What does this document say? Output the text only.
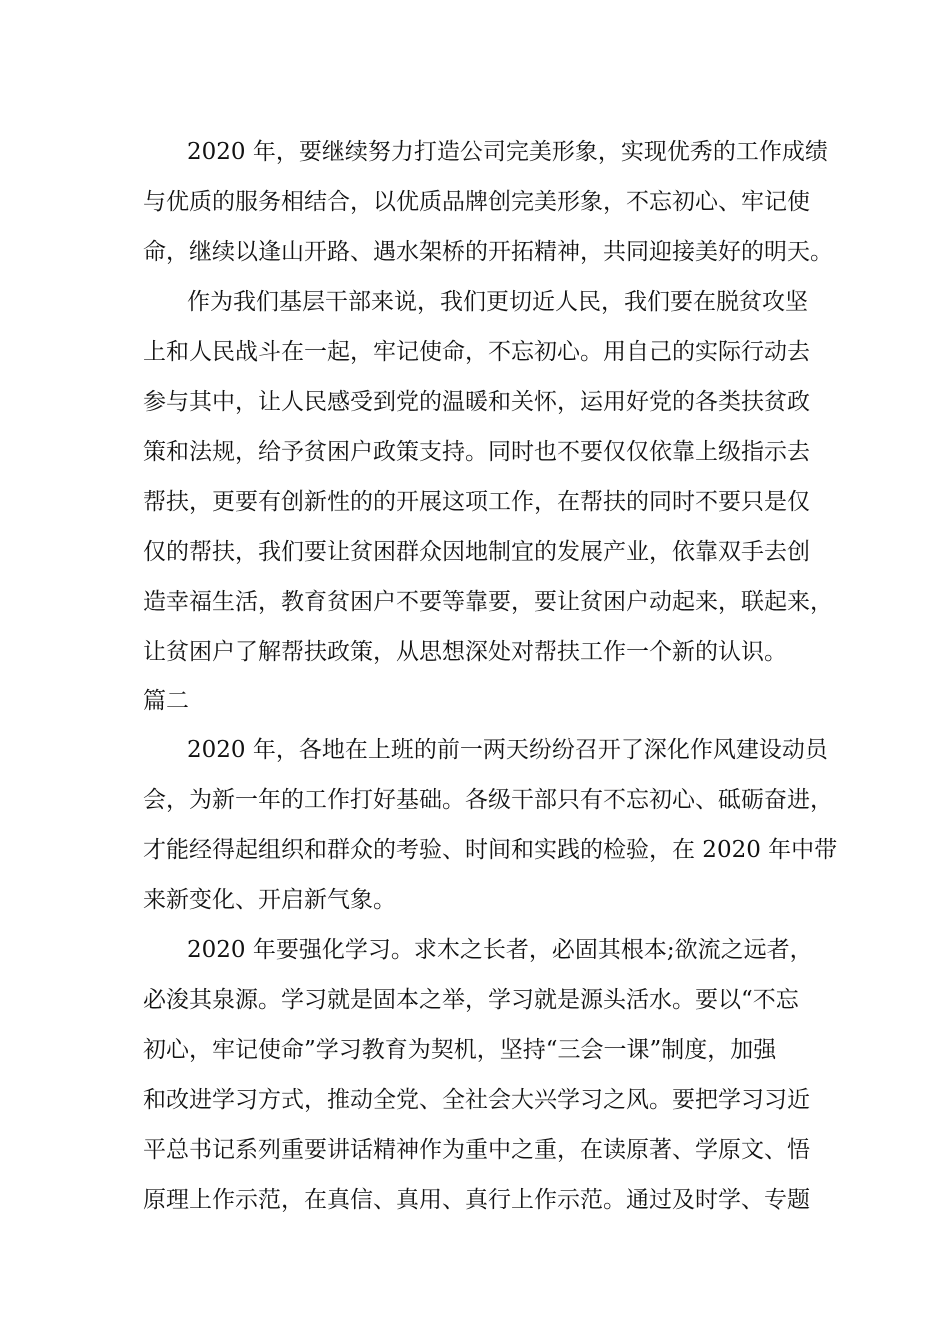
2020 年，要继续努力打造公司完美形象，实现优秀的工作成绩
与优质的服务相结合，以优质品牌创完美形象，不忘初心、牢记使
命，继续以逢山开路、遇水架桥的开拓精神，共同迎接美好的明天。
作为我们基层干部来说，我们更切近人民，我们要在脱贫攻坚
上和人民战斗在一起，牢记使命，不忘初心。用自己的实际行动去
参与其中，让人民感受到党的温暖和关怀，运用好党的各类扶贫政
策和法规，给予贫困户政策支持。同时也不要仅仅依靠上级指示去
帮扶，更要有创新性的的开展这项工作，在帮扶的同时不要只是仅
仅的帮扶，我们要让贫困群众因地制宜的发展产业，依靠双手去创
造幸福生活，教育贫困户不要等靠要，要让贫困户动起来，联起来，
让贫困户了解帮扶政策，从思想深处对帮扶工作一个新的认识。
篇二
2020 年，各地在上班的前一两天纷纷召开了深化作风建设动员
会，为新一年的工作打好基础。各级干部只有不忘初心、砥砺奋进，
才能经得起组织和群众的考验、时间和实践的检验，在 2020 年中带
来新变化、开启新气象。
2020 年要强化学习。求木之长者，必固其根本;欲流之远者，
必浚其泉源。学习就是固本之举，学习就是源头活水。要以“不忘
初心，牢记使命”学习教育为契机，坚持“三会一课”制度，加强
和改进学习方式，推动全党、全社会大兴学习之风。要把学习习近
平总书记系列重要讲话精神作为重中之重，在读原著、学原文、悟
原理上作示范，在真信、真用、真行上作示范。通过及时学、专题
